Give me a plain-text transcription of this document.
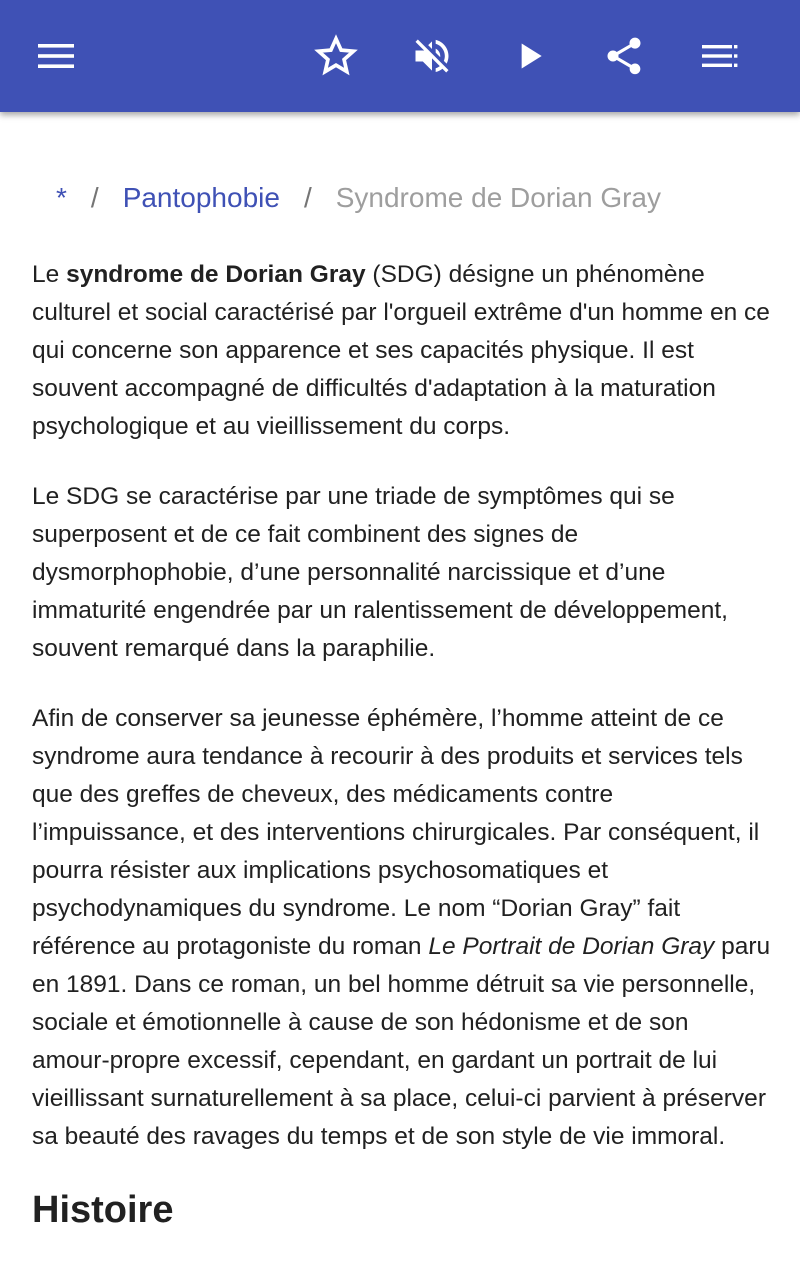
* / Pantophobie / Syndrome de Dorian Gray

Le syndrome de Dorian Gray (SDG) désigne un phénomène culturel et social caractérisé par l'orgueil extrême d'un homme en ce qui concerne son apparence et ses capacités physique. Il est souvent accompagné de difficultés d'adaptation à la maturation psychologique et au vieillissement du corps.

Le SDG se caractérise par une triade de symptômes qui se superposent et de ce fait combinent des signes de dysmorphophobie, d’une personnalité narcissique et d’une immaturité engendrée par un ralentissement de développement, souvent remarqué dans la paraphilie.

Afin de conserver sa jeunesse éphémère, l’homme atteint de ce syndrome aura tendance à recourir à des produits et services tels que des greffes de cheveux, des médicaments contre l’impuissance, et des interventions chirurgicales. Par conséquent, il pourra résister aux implications psychosomatiques et psychodynamiques du syndrome. Le nom “Dorian Gray” fait référence au protagoniste du roman Le Portrait de Dorian Gray paru en 1891. Dans ce roman, un bel homme détruit sa vie personnelle, sociale et émotionnelle à cause de son hédonisme et de son amour-propre excessif, cependant, en gardant un portrait de lui vieillissant surnaturellement à sa place, celui-ci parvient à préserver sa beauté des ravages du temps et de son style de vie immoral.

Histoire
